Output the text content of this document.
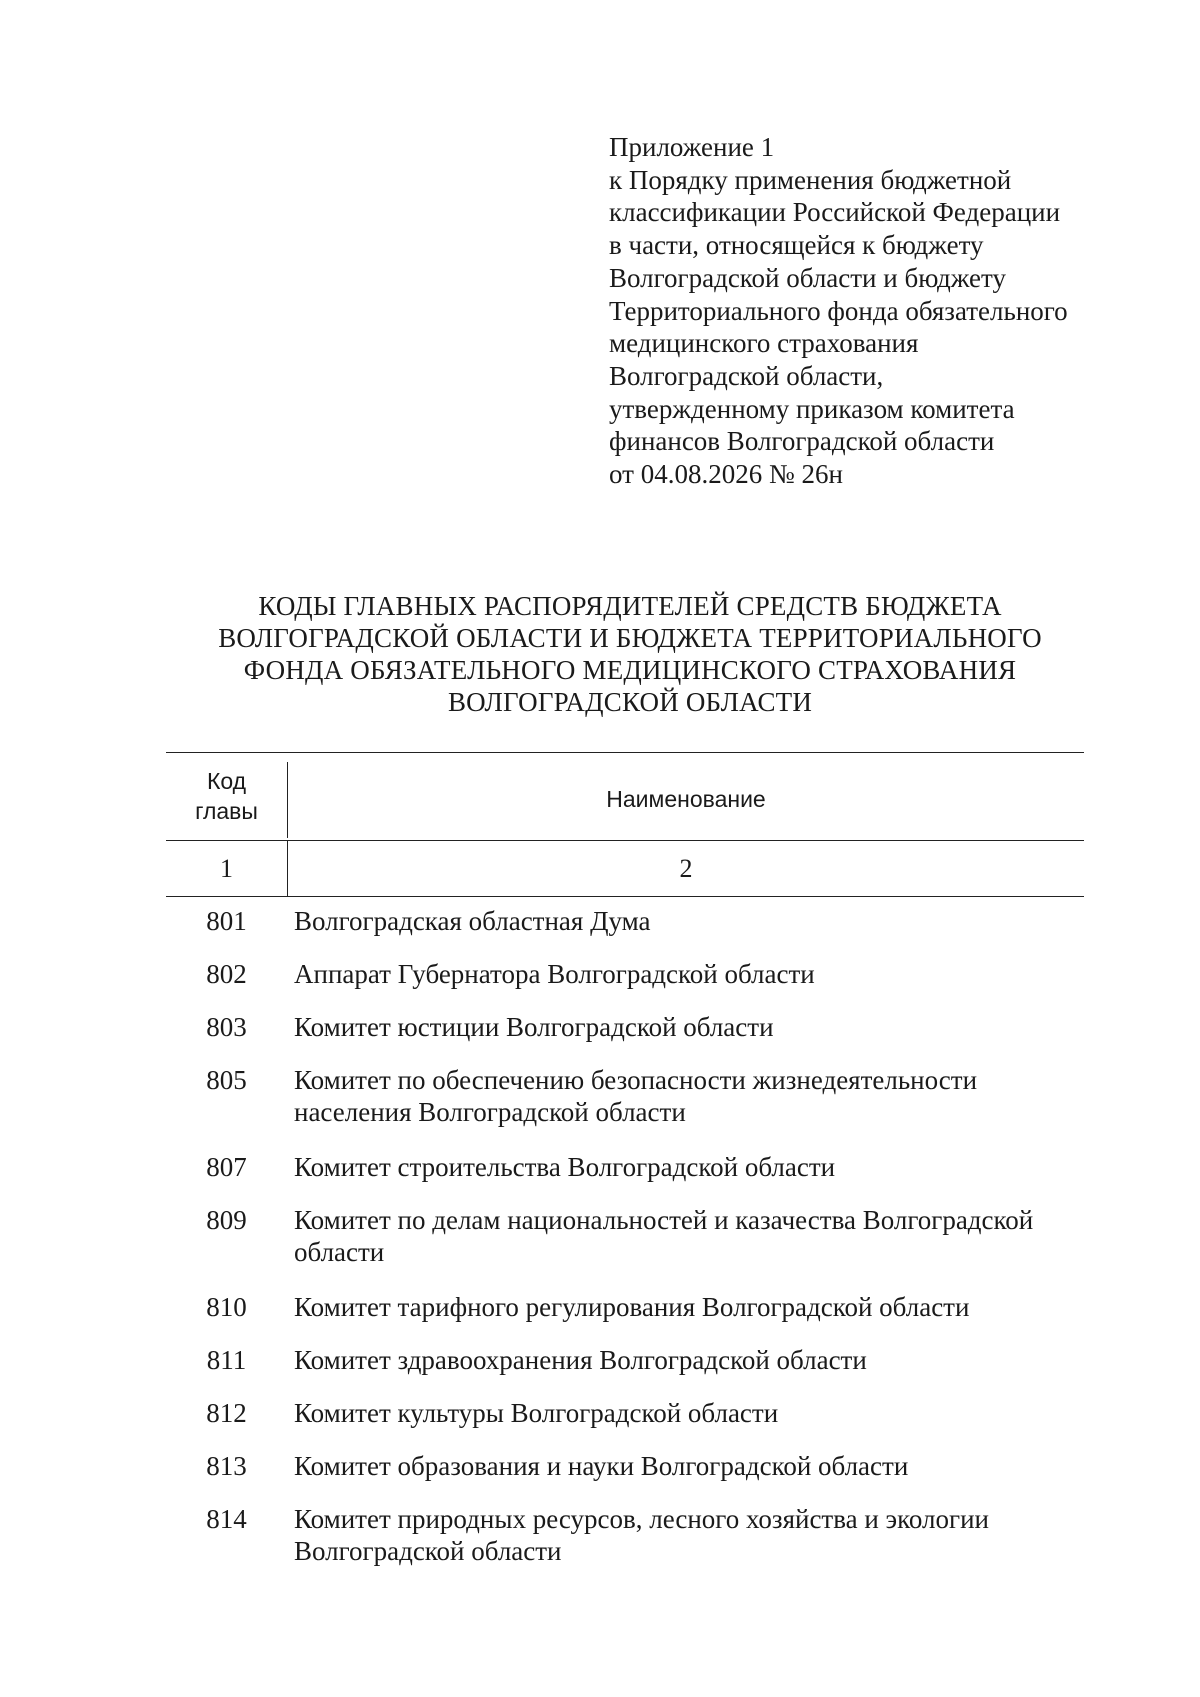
Приложение 1
к Порядку применения бюджетной
классификации Российской Федерации
в части, относящейся к бюджету
Волгоградской области и бюджету
Территориального фонда обязательного
медицинского страхования
Волгоградской области,
утвержденному приказом комитета
финансов Волгоградской области
от 04.08.2026 № 26н
КОДЫ ГЛАВНЫХ РАСПОРЯДИТЕЛЕЙ СРЕДСТВ БЮДЖЕТА
ВОЛГОГРАДСКОЙ ОБЛАСТИ И БЮДЖЕТА ТЕРРИТОРИАЛЬНОГО
ФОНДА ОБЯЗАТЕЛЬНОГО МЕДИЦИНСКОГО СТРАХОВАНИЯ
ВОЛГОГРАДСКОЙ ОБЛАСТИ
Код
главы	Наименование
1	2
801	Волгоградская областная Дума
802	Аппарат Губернатора Волгоградской области
803	Комитет юстиции Волгоградской области
805	Комитет по обеспечению безопасности жизнедеятельности
населения Волгоградской области
807	Комитет строительства Волгоградской области
809	Комитет по делам национальностей и казачества Волгоградской
области
810	Комитет тарифного регулирования Волгоградской области
811	Комитет здравоохранения Волгоградской области
812	Комитет культуры Волгоградской области
813	Комитет образования и науки Волгоградской области
814	Комитет природных ресурсов, лесного хозяйства и экологии
Волгоградской области
